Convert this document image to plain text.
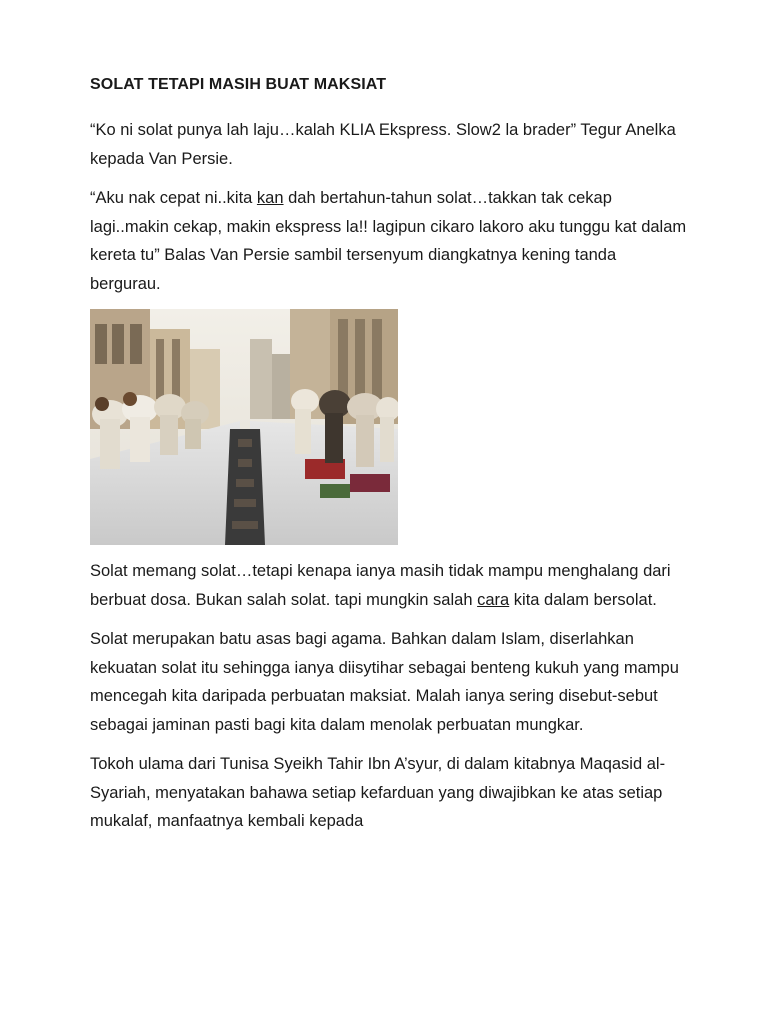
SOLAT TETAPI MASIH BUAT MAKSIAT

“Ko ni solat punya lah laju…kalah KLIA Ekspress. Slow2 la brader” Tegur Anelka kepada Van Persie.

“Aku nak cepat ni..kita kan dah bertahun-tahun solat…takkan tak cekap lagi..makin cekap, makin ekspress la!! lagipun cikaro lakoro aku tunggu kat dalam kereta tu” Balas Van Persie sambil tersenyum diangkatnya kening tanda bergurau.

Solat memang solat…tetapi kenapa ianya masih tidak mampu menghalang dari berbuat dosa. Bukan salah solat. tapi mungkin salah cara kita dalam bersolat.

Solat merupakan batu asas bagi agama. Bahkan dalam Islam, diserlahkan kekuatan solat itu sehingga ianya diisytihar sebagai benteng kukuh yang mampu mencegah kita daripada perbuatan maksiat. Malah ianya sering disebut-sebut sebagai jaminan pasti bagi kita dalam menolak perbuatan mungkar.

Tokoh ulama dari Tunisa Syeikh Tahir Ibn A’syur, di dalam kitabnya Maqasid al-Syariah, menyatakan bahawa setiap kefarduan yang diwajibkan ke atas setiap mukalaf, manfaatnya kembali kepada
